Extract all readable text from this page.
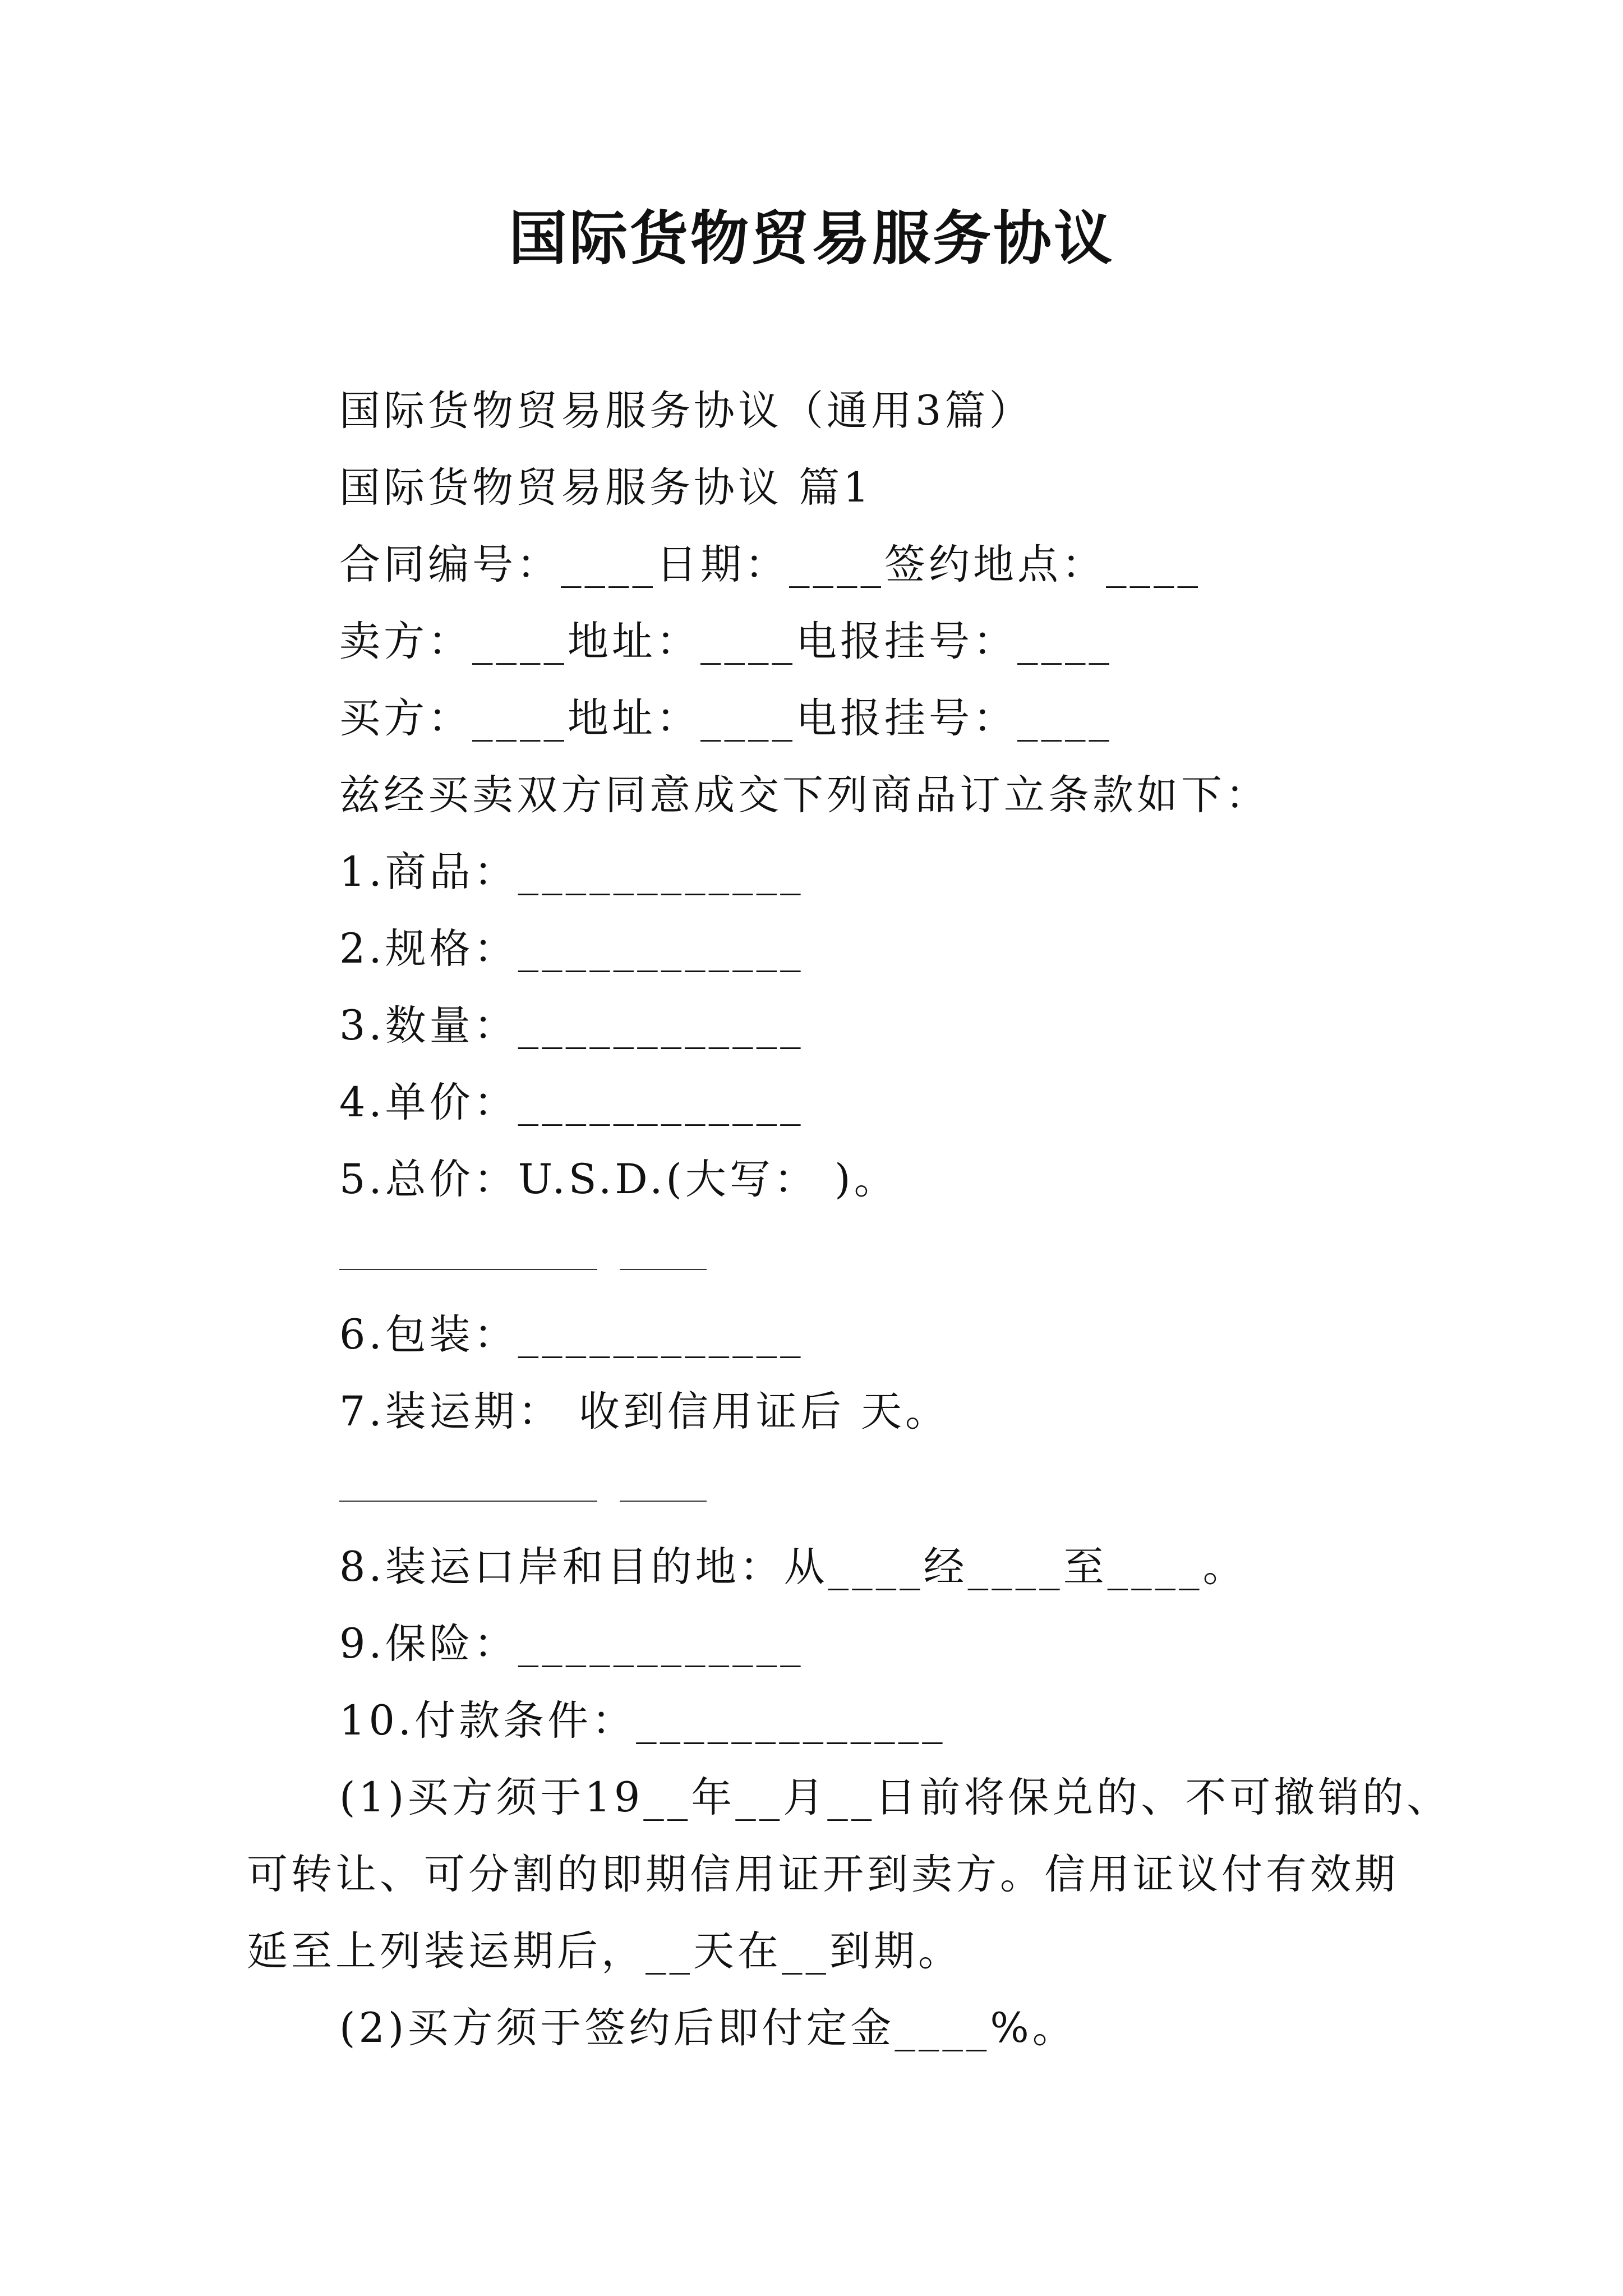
国际货物贸易服务协议
国际货物贸易服务协议（通用3篇）
国际货物贸易服务协议 篇1
合同编号：____日期：____签约地点：____
卖方：____地址：____电报挂号：____
买方：____地址：____电报挂号：____
兹经买卖双方同意成交下列商品订立条款如下：
1.商品：____________
2.规格：____________
3.数量：____________
4.单价：____________
5.总价：U.S.D.(大写： )。
6.包装：____________
7.装运期： 收到信用证后 天。
8.装运口岸和目的地：从____经____至____。
9.保险：____________
10.付款条件：_____________
(1)买方须于19__年__月__日前将保兑的、不可撤销的、
可转让、可分割的即期信用证开到卖方。信用证议付有效期
延至上列装运期后，__天在__到期。
(2)买方须于签约后即付定金____%。
